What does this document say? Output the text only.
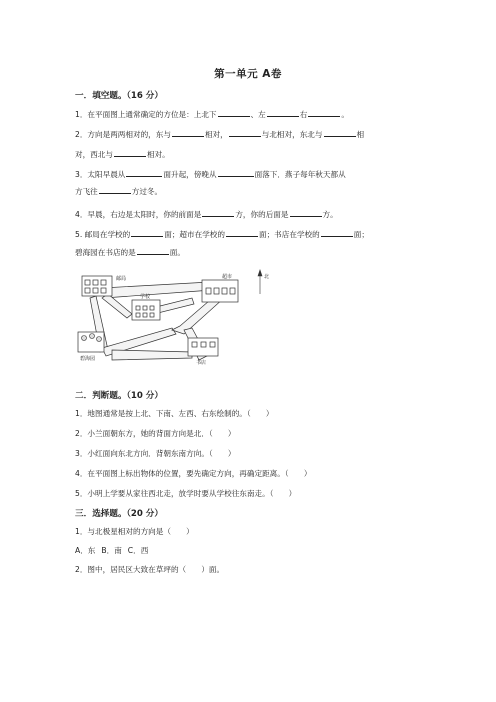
第一单元 A卷
一．填空题。（16 分）
1．在平面图上通常确定的方位是：上北下	、左	右	。
2．方向是两两相对的，东与	相对，	与北相对，东北与	相
对，西北与	相对。
3．太阳早晨从	面升起，傍晚从	面落下．燕子每年秋天都从
方飞往	方过冬。
4．早晨，右边是太阳时，你的前面是	方，你的后面是	方。
5. 邮局在学校的	面；超市在学校的	面；书店在学校的	面；
碧海园在书店的是	面。
邮局
学校
超市	北
碧海园
书店
二．判断题。（10 分）
1．地图通常是按上北、下南、左西、右东绘制的。（　　）
2．小兰面朝东方，她的背面方向是北．（　　）
3．小红面向东北方向．背朝东南方向。（　　）
4．在平面图上标出物体的位置，要先确定方向，再确定距离。（　　）
5．小明上学要从家往西北走，放学时要从学校往东南走。（　　）
三．选择题。（20 分）
1．与北极星相对的方向是（　　）
A．东 B．南 C．西
2．图中，居民区大致在草坪的（　　）面。
